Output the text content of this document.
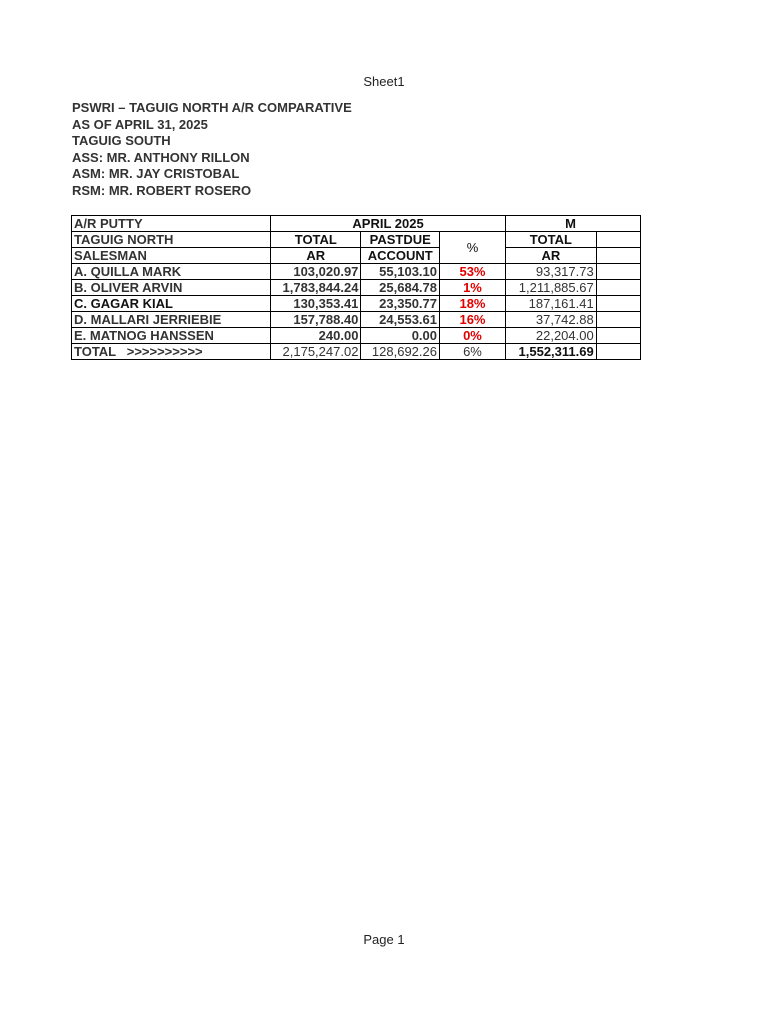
Sheet1
PSWRI – TAGUIG NORTH A/R COMPARATIVE
AS OF APRIL 31, 2025
TAGUIG SOUTH
ASS: MR. ANTHONY RILLON
ASM: MR. JAY CRISTOBAL
RSM: MR. ROBERT ROSERO
A/R PUTTY	APRIL 2025			M	
TAGUIG NORTH	TOTAL	PASTDUE	%	TOTAL	
SALESMAN	AR	ACCOUNT		AR	
A. QUILLA MARK	103,020.97	55,103.10	53%	93,317.73	
B. OLIVER ARVIN	1,783,844.24	25,684.78	1%	1,211,885.67	
C. GAGAR KIAL	130,353.41	23,350.77	18%	187,161.41	
D. MALLARI JERRIEBIE	157,788.40	24,553.61	16%	37,742.88	
E. MATNOG HANSSEN	240.00	0.00	0%	22,204.00	
TOTAL   >>>>>>>>>>	2,175,247.02	128,692.26	6%	1,552,311.69	
Page 1
